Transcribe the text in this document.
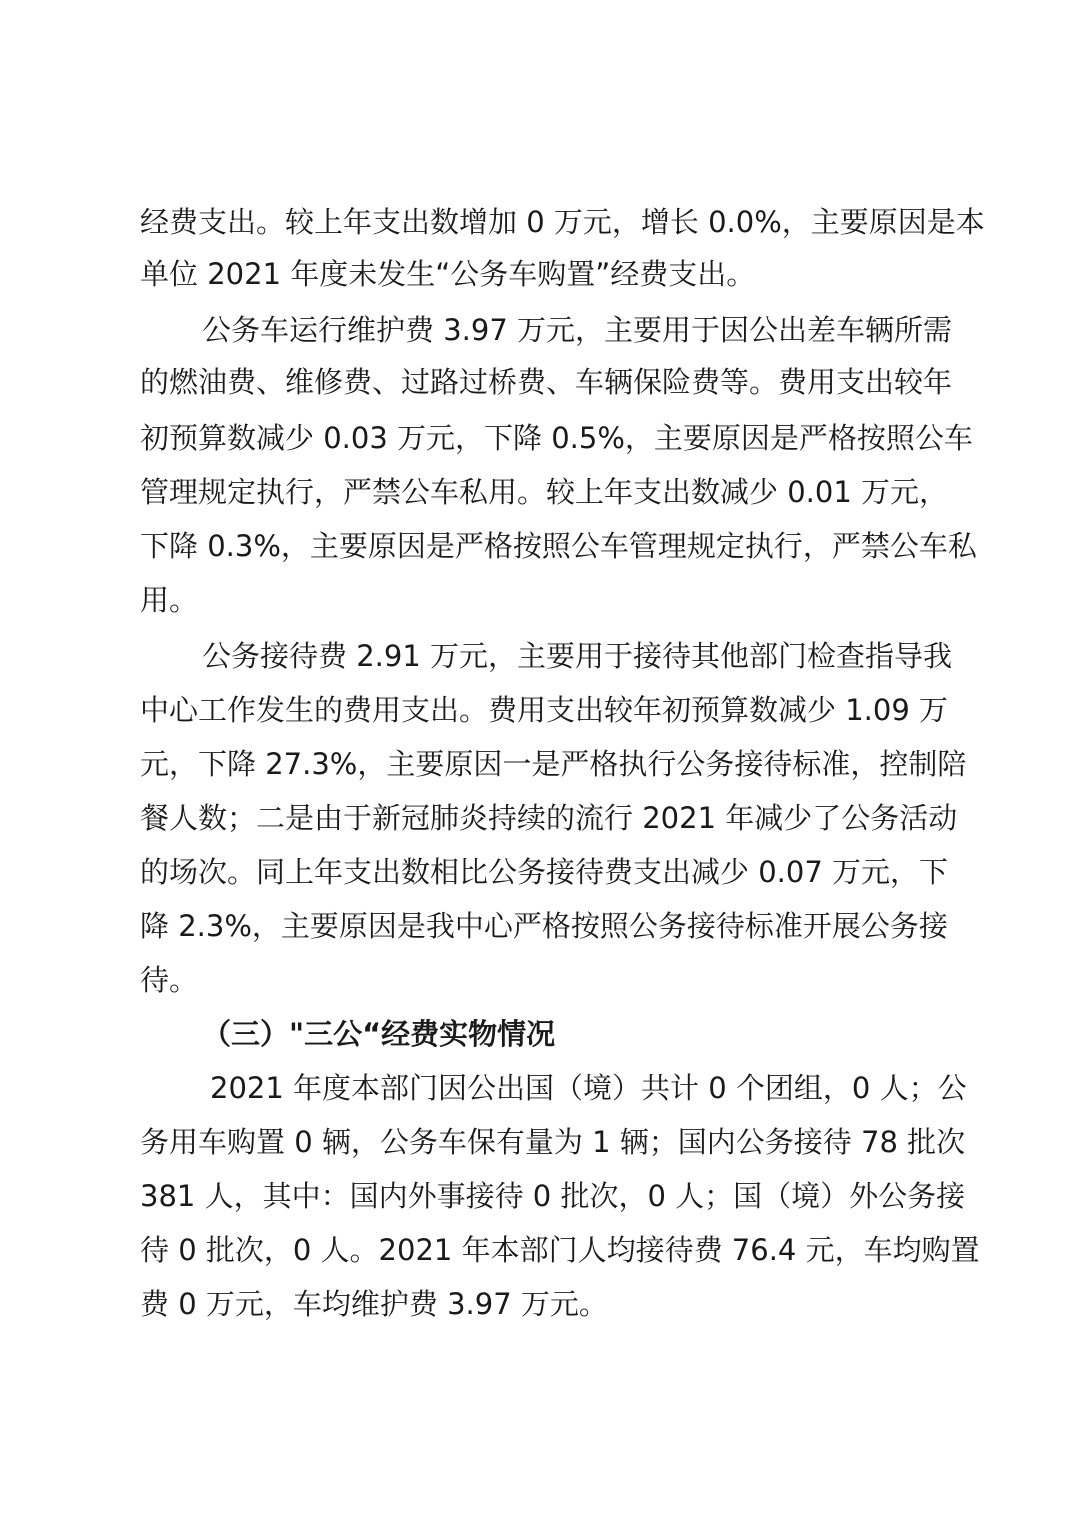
经费支出。较上年支出数增加 0 万元，增长 0.0%，主要原因是本
单位 2021 年度未发生“公务车购置”经费支出。
公务车运行维护费 3.97 万元，主要用于因公出差车辆所需
的燃油费、维修费、过路过桥费、车辆保险费等。费用支出较年
初预算数减少 0.03 万元，下降 0.5%，主要原因是严格按照公车
管理规定执行，严禁公车私用。较上年支出数减少 0.01 万元，
下降 0.3%，主要原因是严格按照公车管理规定执行，严禁公车私
用。
公务接待费 2.91 万元，主要用于接待其他部门检查指导我
中心工作发生的费用支出。费用支出较年初预算数减少 1.09 万
元，下降 27.3%，主要原因一是严格执行公务接待标准，控制陪
餐人数；二是由于新冠肺炎持续的流行 2021 年减少了公务活动
的场次。同上年支出数相比公务接待费支出减少 0.07 万元，下
降 2.3%，主要原因是我中心严格按照公务接待标准开展公务接
待。
（三）"三公“经费实物情况
2021 年度本部门因公出国（境）共计 0 个团组，0 人；公
务用车购置 0 辆，公务车保有量为 1 辆；国内公务接待 78 批次
381 人，其中：国内外事接待 0 批次，0 人；国（境）外公务接
待 0 批次，0 人。2021 年本部门人均接待费 76.4 元，车均购置
费 0 万元，车均维护费 3.97 万元。
